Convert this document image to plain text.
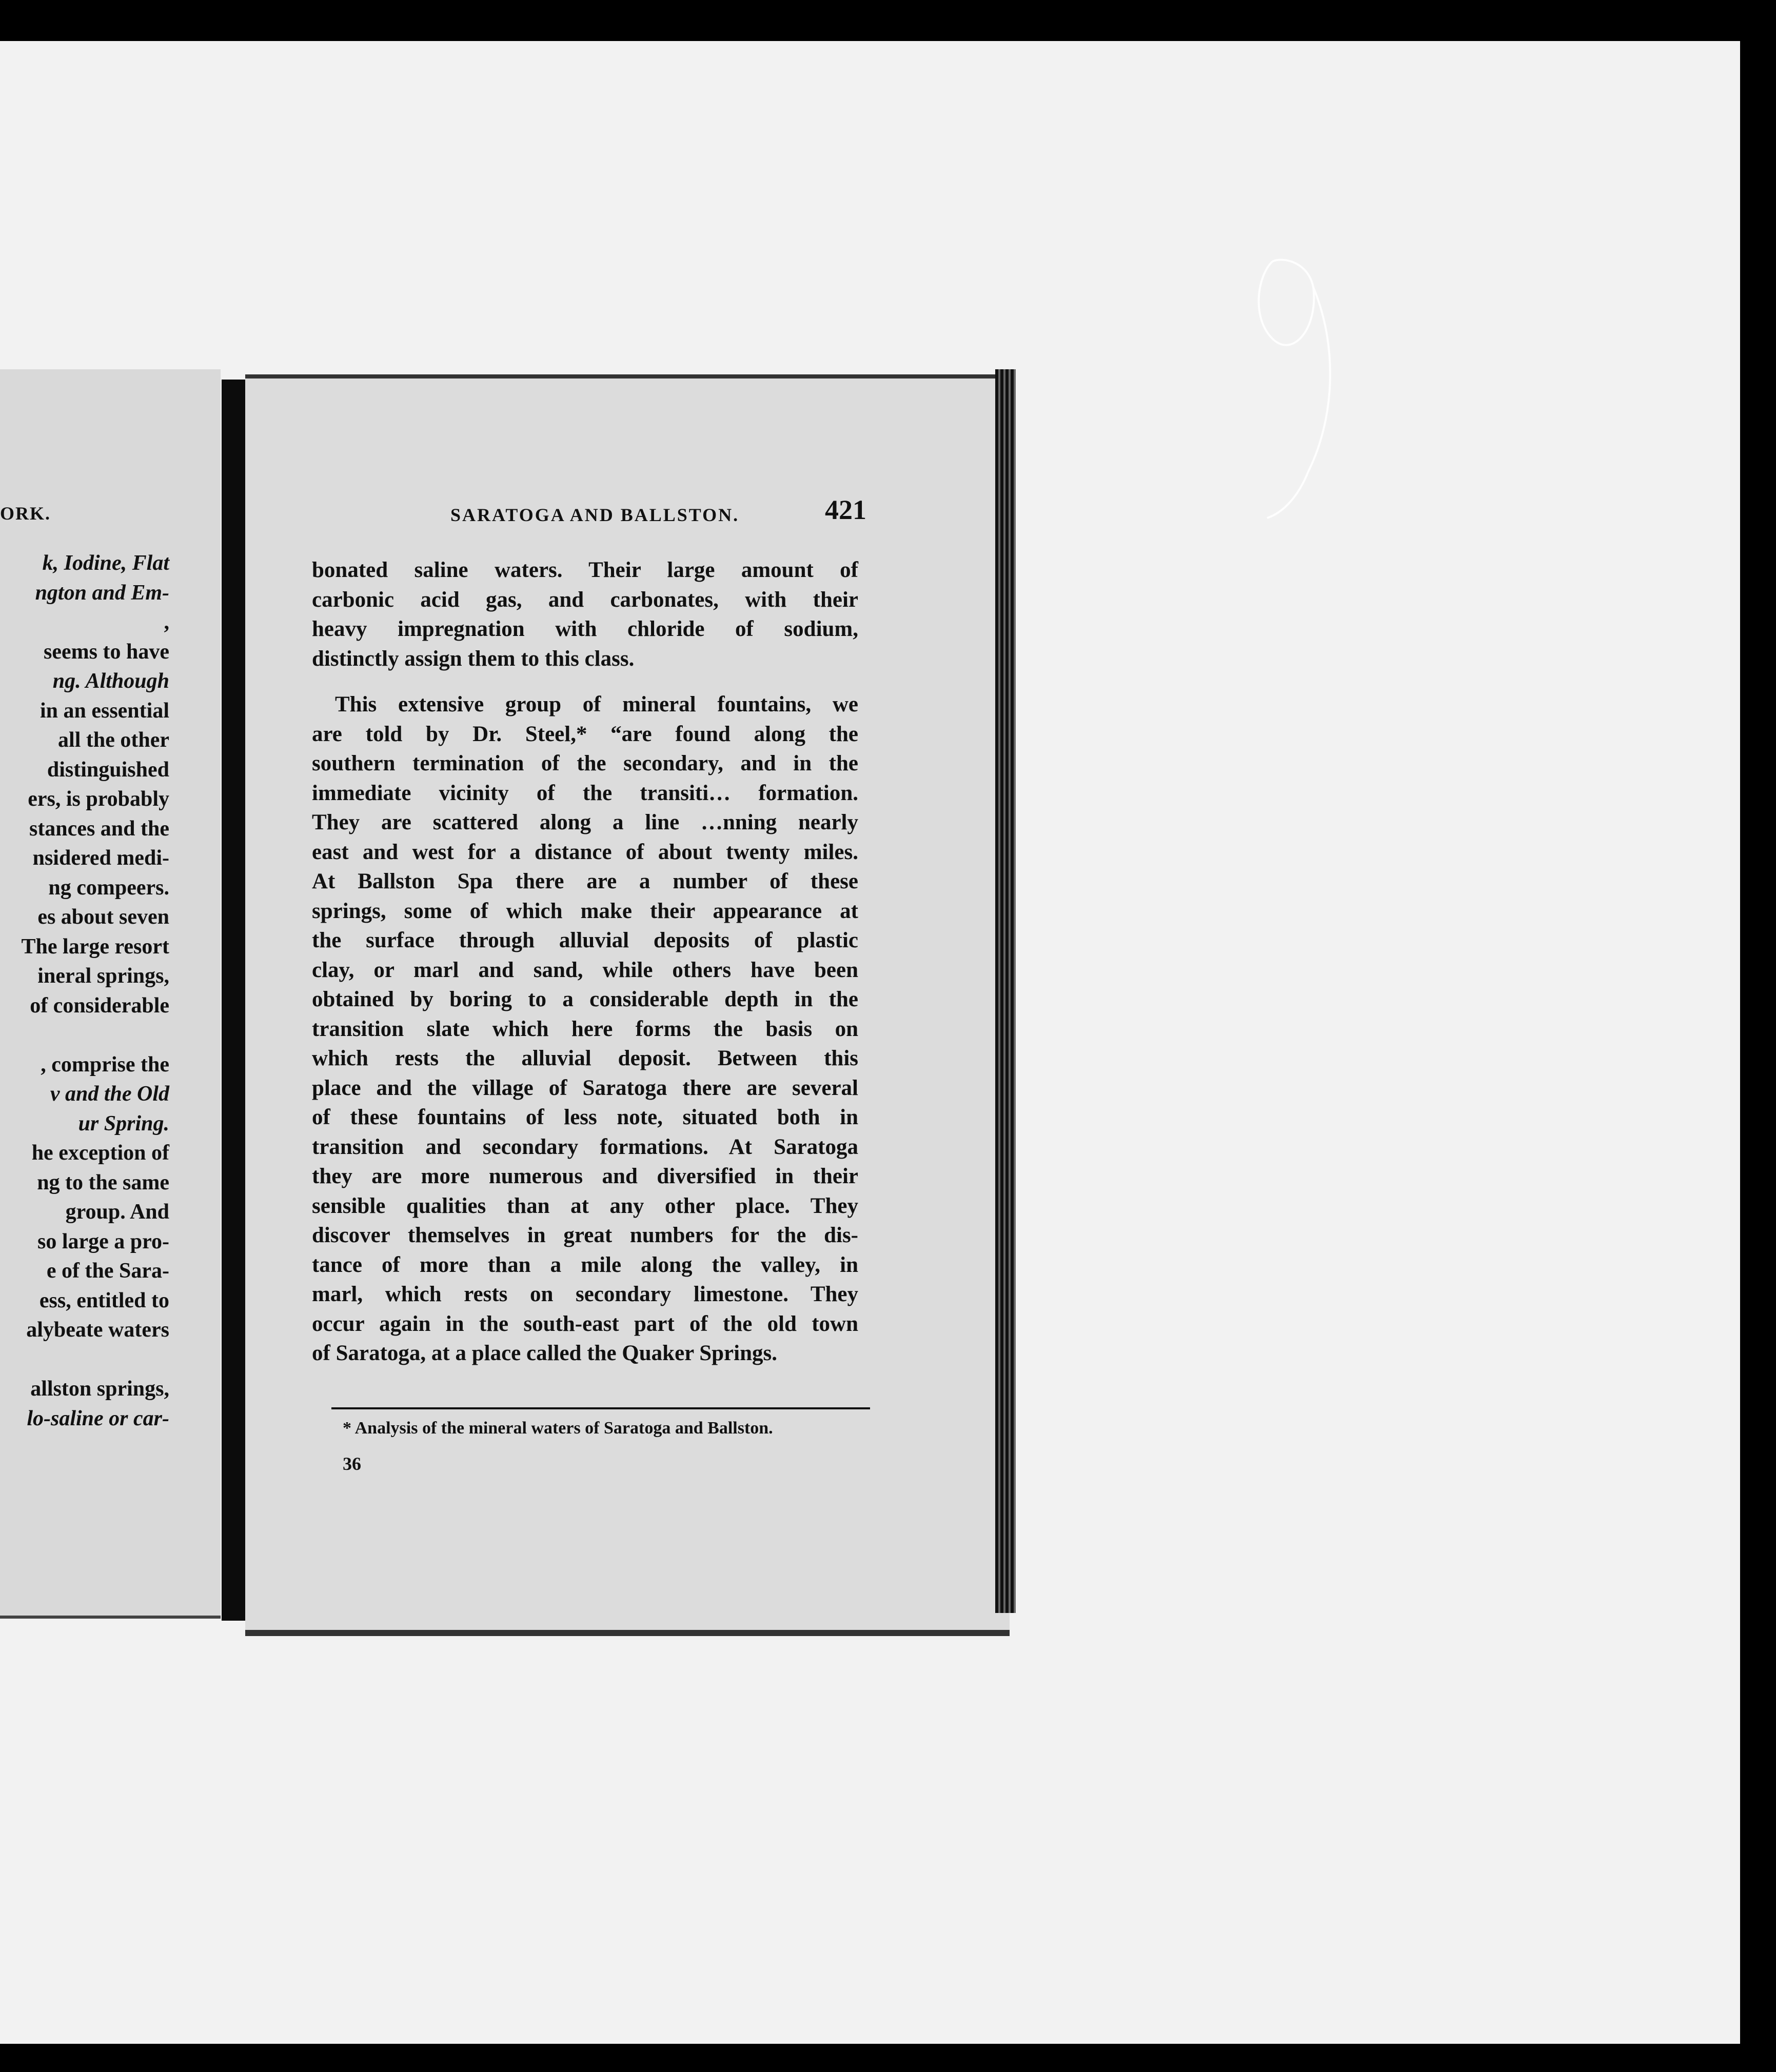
ORK.
k, Iodine, Flat
ngton and Em-
,
seems to have
ng. Although
in an essential
all the other
distinguished
ers, is probably
stances and the
nsidered medi-
ng compeers.
es about seven
The large resort
ineral springs,
of considerable
, comprise the
v and the Old
ur Spring.
he exception of
ng to the same
group. And
so large a pro-
e of the Sara-
ess, entitled to
alybeate waters
allston springs,
lo-saline or car-
SARATOGA AND BALLSTON.	421
bonated saline waters. Their large amount of
carbonic acid gas, and carbonates, with their
heavy impregnation with chloride of sodium,
distinctly assign them to this class.
This extensive group of mineral fountains, we
are told by Dr. Steel,* “are found along the
southern termination of the secondary, and in the
immediate vicinity of the transiti… formation.
They are scattered along a line …nning nearly
east and west for a distance of about twenty miles.
At Ballston Spa there are a number of these
springs, some of which make their appearance at
the surface through alluvial deposits of plastic
clay, or marl and sand, while others have been
obtained by boring to a considerable depth in the
transition slate which here forms the basis on
which rests the alluvial deposit. Between this
place and the village of Saratoga there are several
of these fountains of less note, situated both in
transition and secondary formations. At Saratoga
they are more numerous and diversified in their
sensible qualities than at any other place. They
discover themselves in great numbers for the dis-
tance of more than a mile along the valley, in
marl, which rests on secondary limestone. They
occur again in the south-east part of the old town
of Saratoga, at a place called the Quaker Springs.
* Analysis of the mineral waters of Saratoga and Ballston.
36
